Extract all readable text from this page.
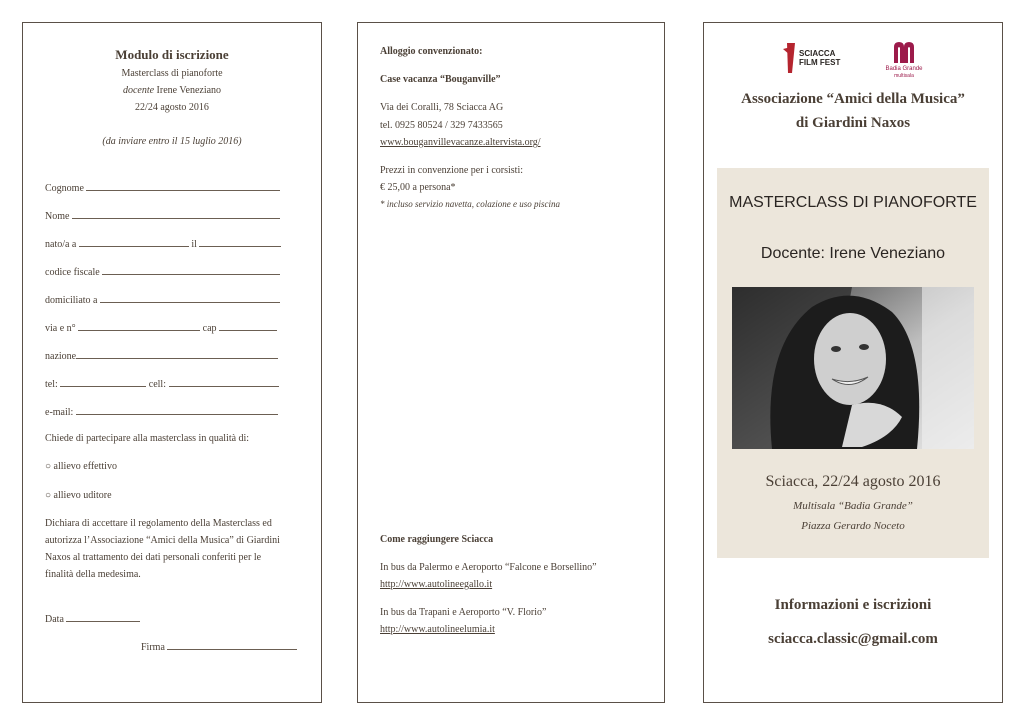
Modulo di iscrizione
Masterclass di pianoforte
docente Irene Veneziano
22/24 agosto 2016
(da inviare entro il 15 luglio 2016)
Cognome
Nome
nato/a a	il
codice fiscale
domiciliato a
via e n°	cap
nazione
tel:	cell:
e-mail:
Chiede di partecipare alla masterclass in qualità di:
○ allievo effettivo
○ allievo uditore
Dichiara di accettare il regolamento della Masterclass ed
autorizza l’Associazione “Amici della Musica” di Giardini
Naxos al trattamento dei dati personali conferiti per le
finalità della medesima.
Data
Firma
Alloggio convenzionato:
Case vacanza “Bouganville”
Via dei Coralli, 78 Sciacca AG
tel. 0925 80524 / 329 7433565
www.bouganvillevacanze.altervista.org/
Prezzi in convenzione per i corsisti:
€ 25,00 a persona*
* incluso servizio navetta, colazione e uso piscina
Come raggiungere Sciacca
In bus da Palermo e Aeroporto “Falcone e Borsellino”
http://www.autolineegallo.it
In bus da Trapani e Aeroporto “V. Florio”
http://www.autolineelumia.it
SCIACCA
FILM FEST
Badia Grande
multisala
Associazione “Amici della Musica”
di Giardini Naxos
MASTERCLASS DI PIANOFORTE
Docente: Irene Veneziano
Sciacca, 22/24 agosto 2016
Multisala “Badia Grande”
Piazza Gerardo Noceto
Informazioni e iscrizioni
sciacca.classic@gmail.com
